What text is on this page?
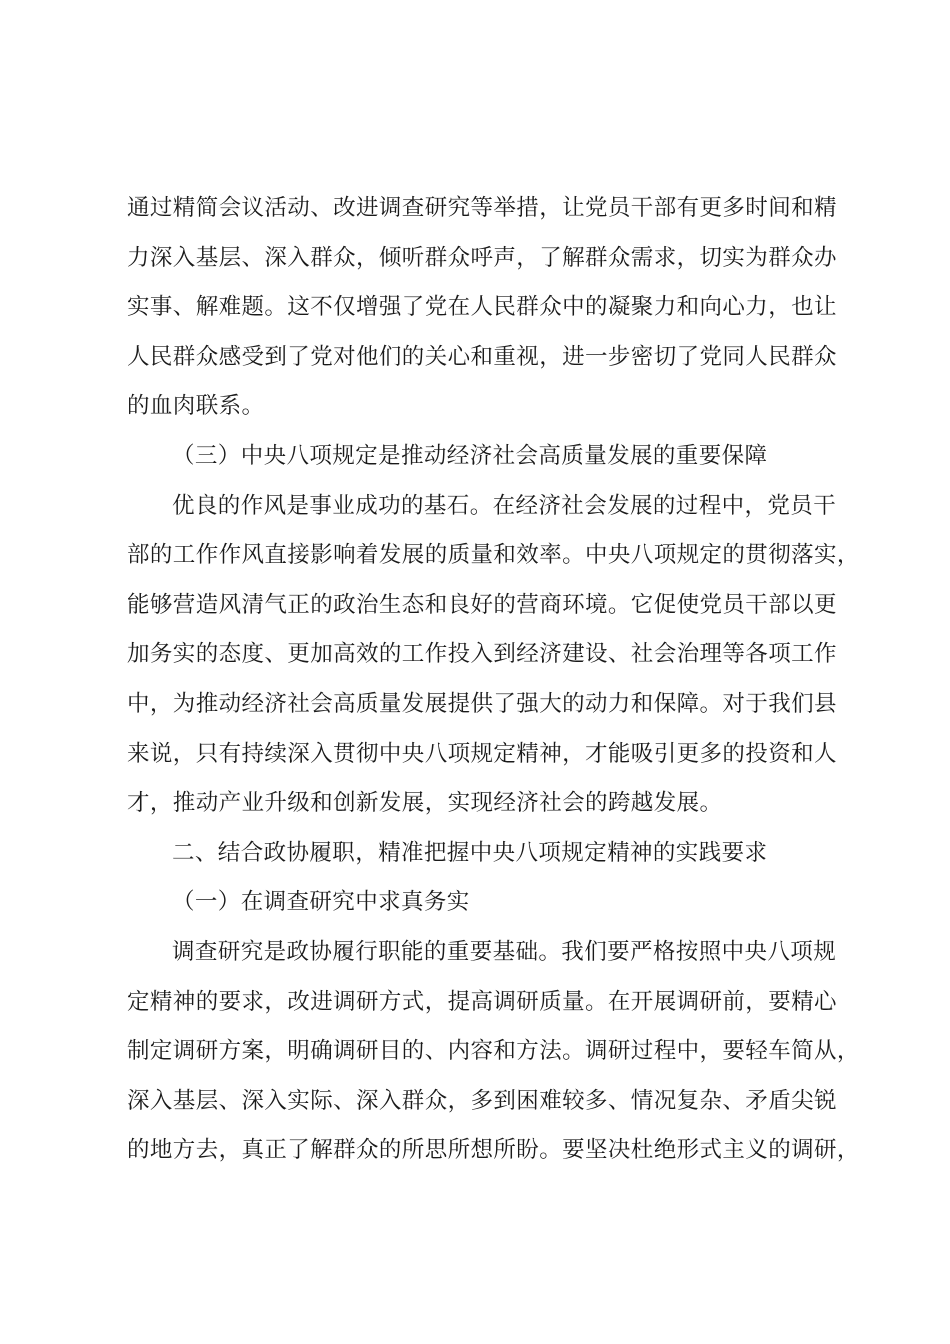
通过精简会议活动、改进调查研究等举措，让党员干部有更多时间和精
力深入基层、深入群众，倾听群众呼声，了解群众需求，切实为群众办
实事、解难题。这不仅增强了党在人民群众中的凝聚力和向心力，也让
人民群众感受到了党对他们的关心和重视，进一步密切了党同人民群众
的血肉联系。
（三）中央八项规定是推动经济社会高质量发展的重要保障
优良的作风是事业成功的基石。在经济社会发展的过程中，党员干
部的工作作风直接影响着发展的质量和效率。中央八项规定的贯彻落实，
能够营造风清气正的政治生态和良好的营商环境。它促使党员干部以更
加务实的态度、更加高效的工作投入到经济建设、社会治理等各项工作
中，为推动经济社会高质量发展提供了强大的动力和保障。对于我们县
来说，只有持续深入贯彻中央八项规定精神，才能吸引更多的投资和人
才，推动产业升级和创新发展，实现经济社会的跨越发展。
二、结合政协履职，精准把握中央八项规定精神的实践要求
（一）在调查研究中求真务实
调查研究是政协履行职能的重要基础。我们要严格按照中央八项规
定精神的要求，改进调研方式，提高调研质量。在开展调研前，要精心
制定调研方案，明确调研目的、内容和方法。调研过程中，要轻车简从，
深入基层、深入实际、深入群众，多到困难较多、情况复杂、矛盾尖锐
的地方去，真正了解群众的所思所想所盼。要坚决杜绝形式主义的调研，
